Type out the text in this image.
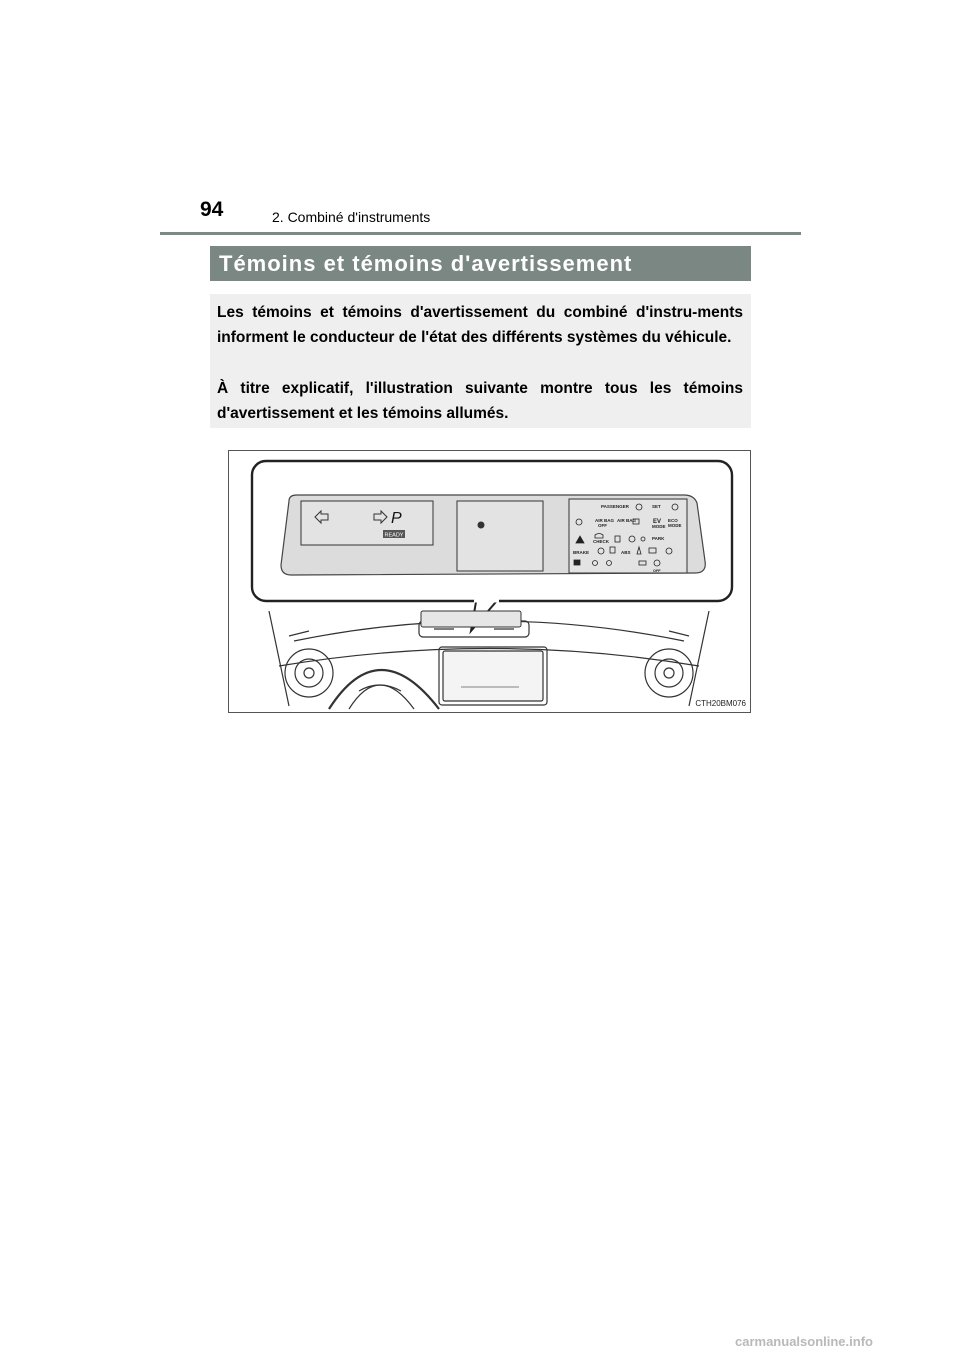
94	2. Combiné d'instruments
Témoins et témoins d'avertissement

Les témoins et témoins d'avertissement du combiné d'instru-ments informent le conducteur de l'état des différents systèmes du véhicule.

À titre explicatif, l'illustration suivante montre tous les témoins d'avertissement et les témoins allumés.

P
READY
PASSENGER	SET
AIR BAG
OFF
AIR BAG	EV
MODE
ECO
MODE
CHECK
PARK
BRAKE	ABS
OFF
CTH20BM076
carmanualsonline.info
